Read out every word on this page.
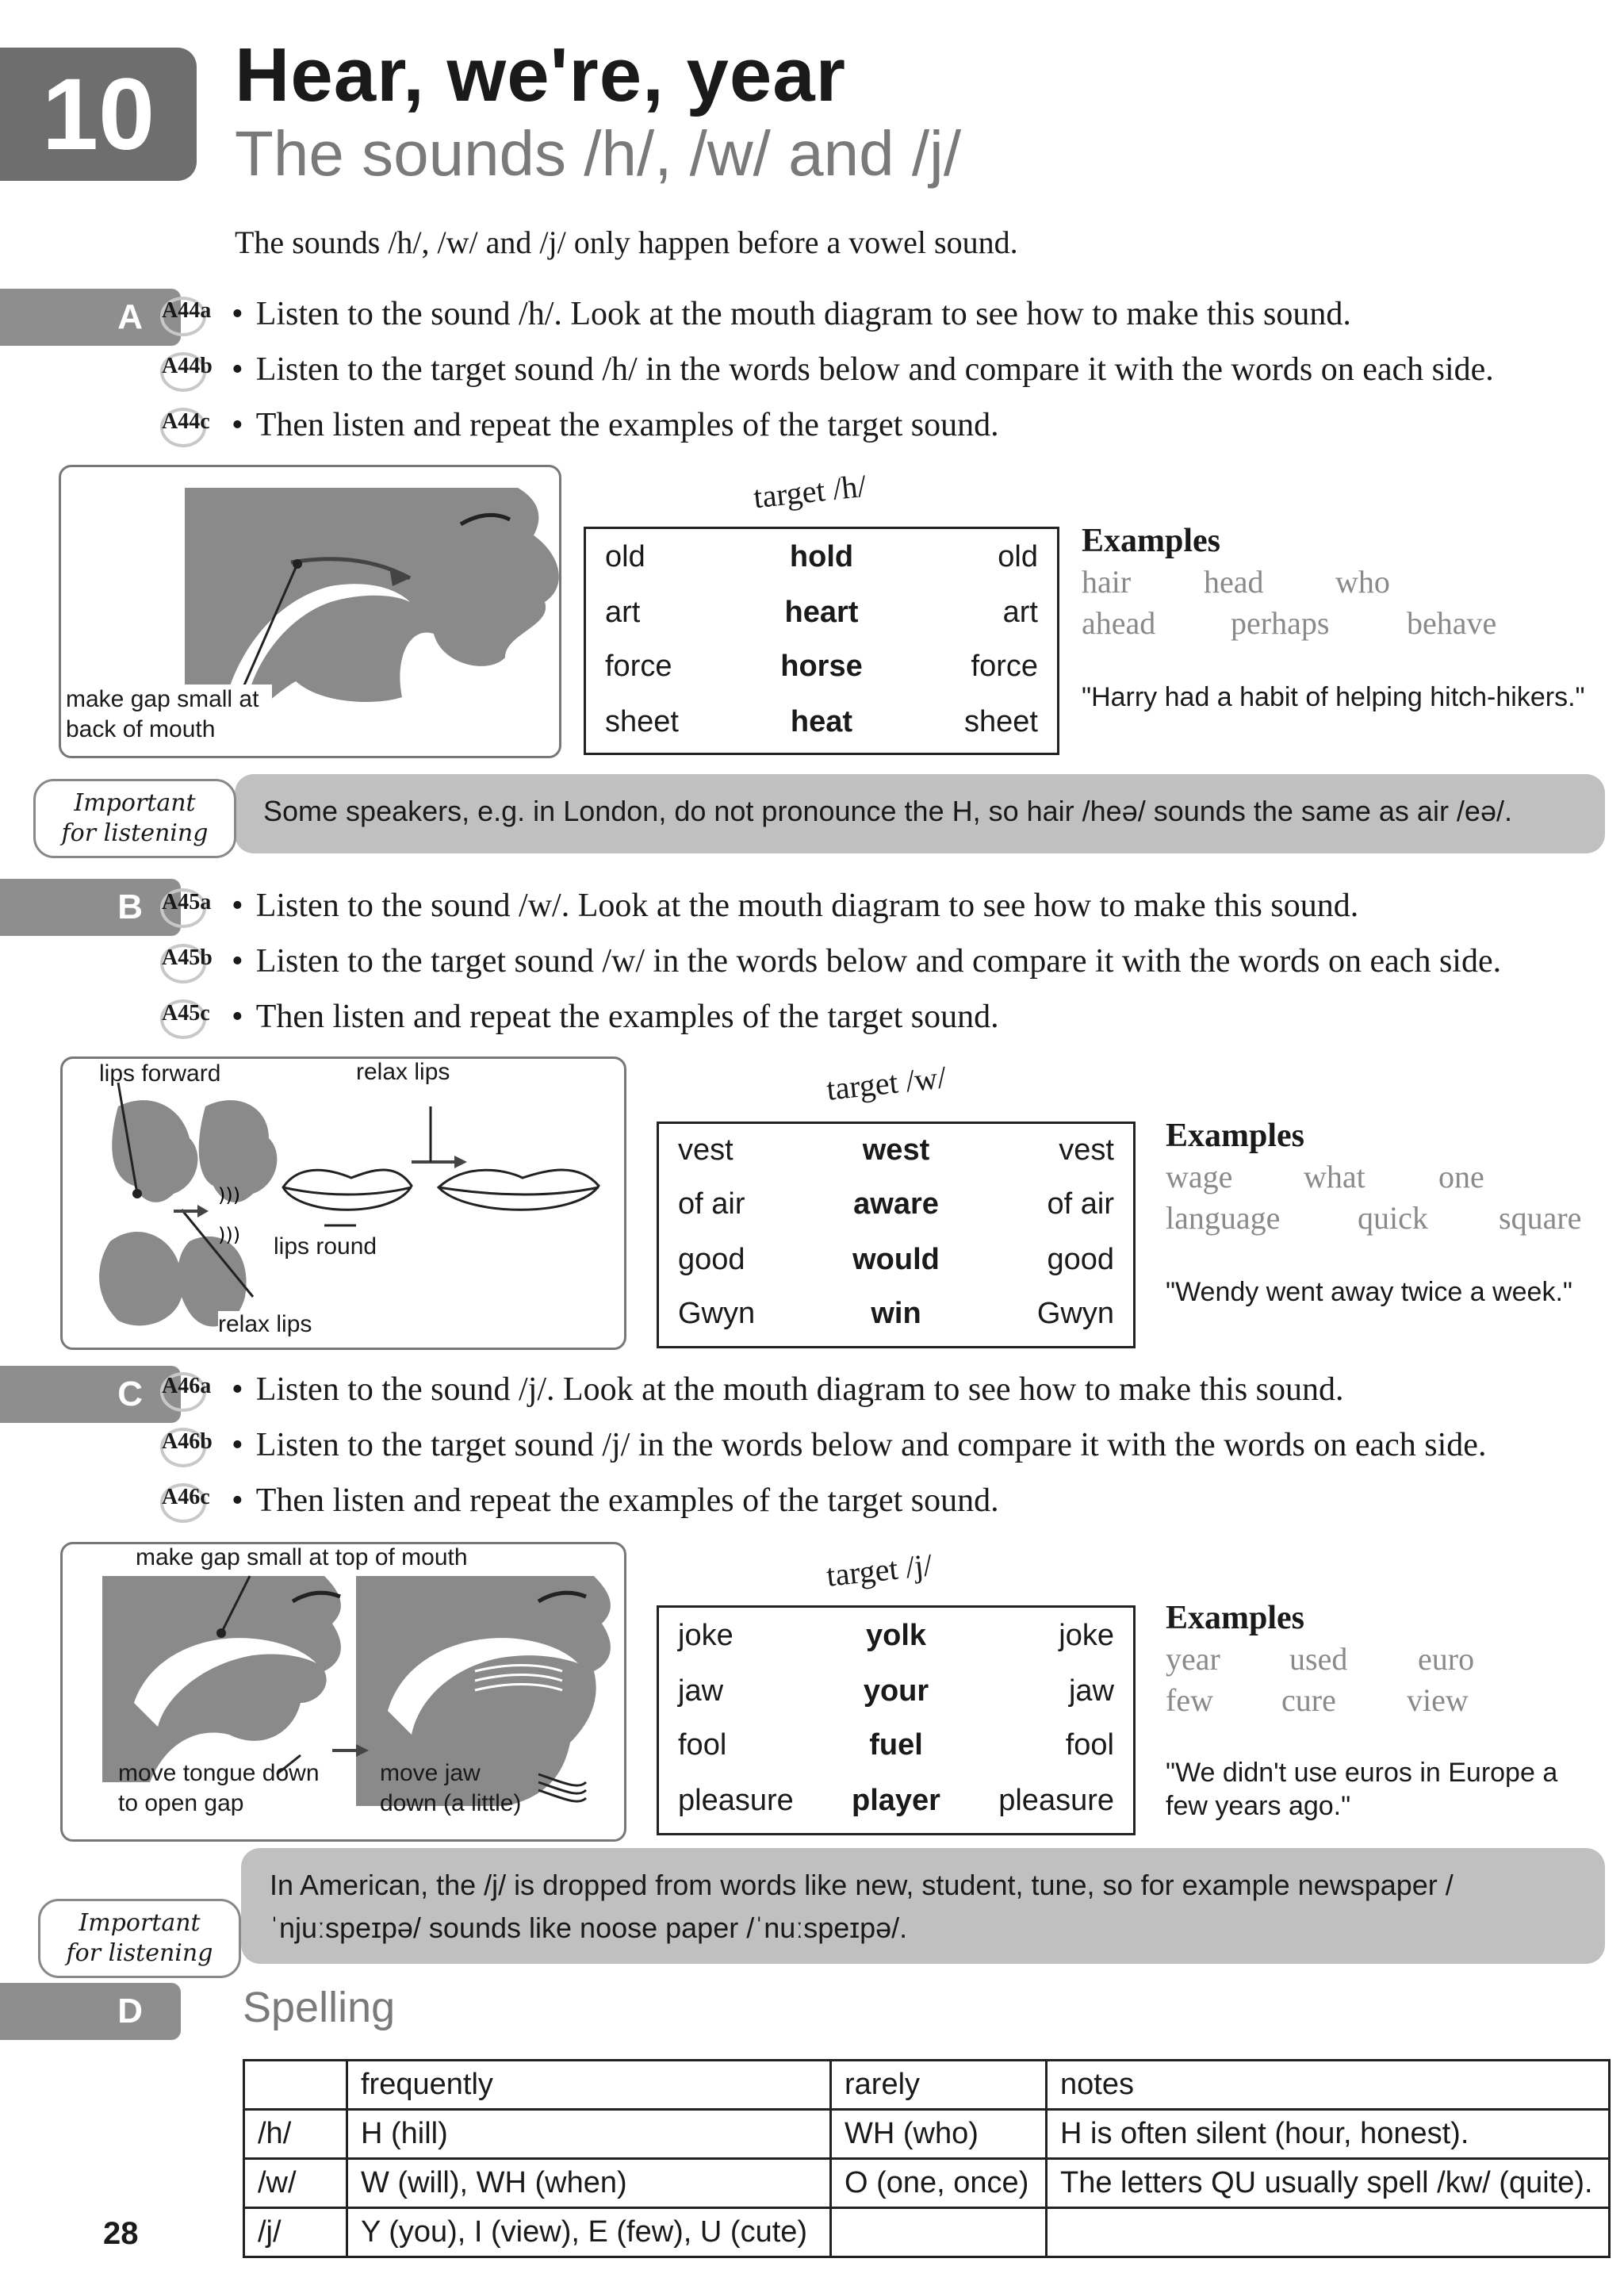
10	Hear, we're, year
The sounds /h/, /w/ and /j/
The sounds /h/, /w/ and /j/ only happen before a vowel sound.
A A44a • Listen to the sound /h/. Look at the mouth diagram to see how to make this sound.
A44b • Listen to the target sound /h/ in the words below and compare it with the words on each side.
A44c • Then listen and repeat the examples of the target sound.
make gap small at back of mouth
target /h/
old	hold	old
art	heart	art
force	horse	force
sheet	heat	sheet
Examples
hair head who
ahead perhaps behave
"Harry had a habit of helping hitch-hikers."
Some speakers, e.g. in London, do not pronounce the H, so hair /heə/ sounds the same as air /eə/.
Important
for listening
B A45a • Listen to the sound /w/. Look at the mouth diagram to see how to make this sound.
A45b • Listen to the target sound /w/ in the words below and compare it with the words on each side.
A45c • Then listen and repeat the examples of the target sound.
)))
)))
lips forward	relax lips
lips round
relax lips
target /w/
vest	west	vest
of air	aware	of air
good	would	good
Gwyn	win	Gwyn
Examples
wage what one
language quick square
"Wendy went away twice a week."
C A46a • Listen to the sound /j/. Look at the mouth diagram to see how to make this sound.
A46b • Listen to the target sound /j/ in the words below and compare it with the words on each side.
A46c • Then listen and repeat the examples of the target sound.
make gap small at top of mouth
move tongue down to open gap
move jaw down (a little)
target /j/
joke	yolk	joke
jaw	your	jaw
fool	fuel	fool
pleasure	player	pleasure
Examples
year used euro
few cure view
"We didn't use euros in Europe a few years ago."
In American, the /j/ is dropped from words like new, student, tune, so for example newspaper /ˈnjuːspeɪpə/ sounds like noose paper /ˈnuːspeɪpə/.
Important
for listening
D	Spelling
	frequently	rarely	notes
/h/	H (hill)	WH (who)	H is often silent (hour, honest).
/w/	W (will), WH (when)	O (one, once)	The letters QU usually spell /kw/ (quite).
/j/	Y (you), I (view), E (few), U (cute)		
28
